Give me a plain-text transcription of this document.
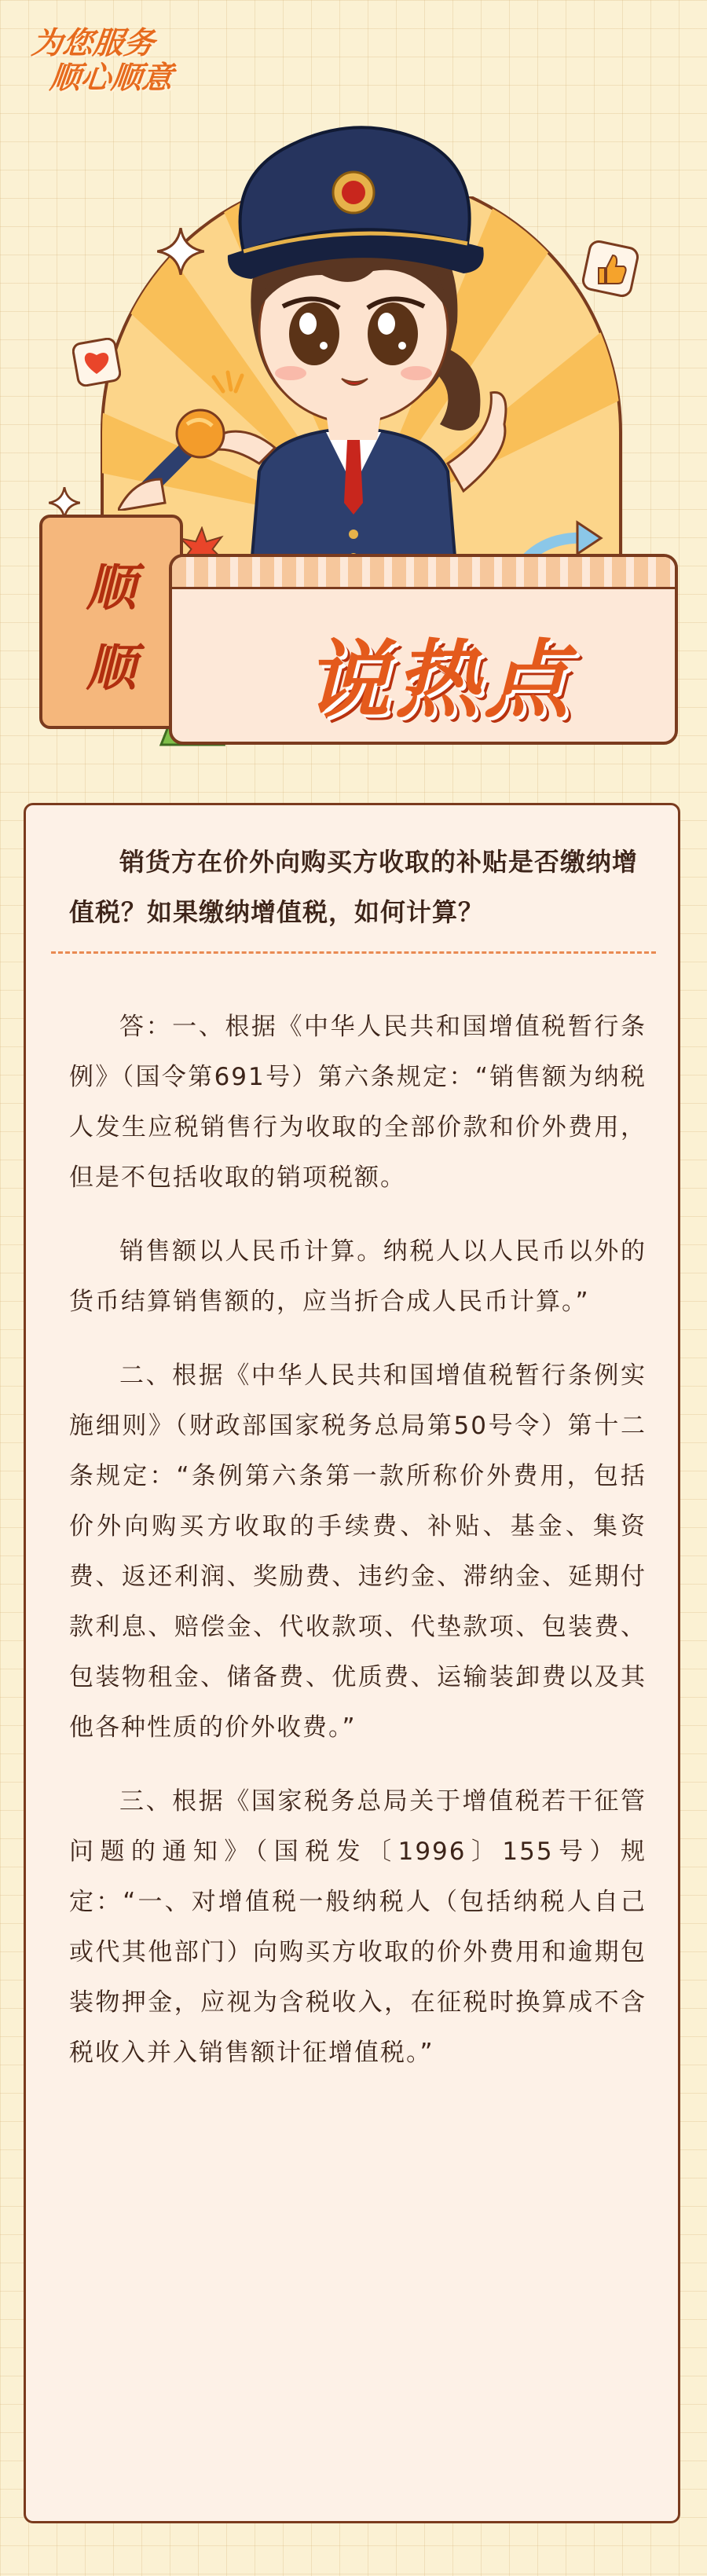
为您服务
顺心顺意
顺
顺	说热点
销货方在价外向购买方收取的补贴是否缴纳增值税？如果缴纳增值税，如何计算？

答：一、根据《中华人民共和国增值税暂行条例》（国令第691号）第六条规定：“销售额为纳税人发生应税销售行为收取的全部价款和价外费用，但是不包括收取的销项税额。

销售额以人民币计算。纳税人以人民币以外的货币结算销售额的，应当折合成人民币计算。”

二、根据《中华人民共和国增值税暂行条例实施细则》（财政部国家税务总局第50号令）第十二条规定：“条例第六条第一款所称价外费用，包括价外向购买方收取的手续费、补贴、基金、集资费、返还利润、奖励费、违约金、滞纳金、延期付款利息、赔偿金、代收款项、代垫款项、包装费、包装物租金、储备费、优质费、运输装卸费以及其他各种性质的价外收费。”

三、根据《国家税务总局关于增值税若干征管问题的通知》（国税发〔1996〕155号）规定：“一、对增值税一般纳税人（包括纳税人自己或代其他部门）向购买方收取的价外费用和逾期包装物押金，应视为含税收入，在征税时换算成不含税收入并入销售额计征增值税。”
